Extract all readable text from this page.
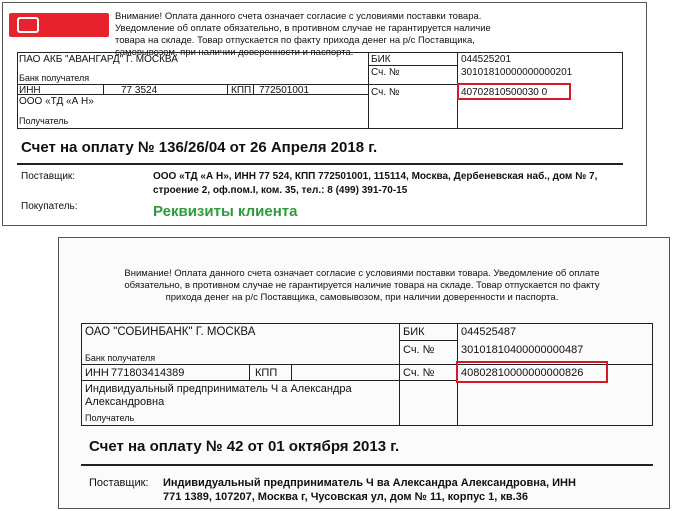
Внимание! Оплата данного счета означает согласие с условиями поставки товара. Уведомление об оплате обязательно, в противном случае не гарантируется наличие товара на складе. Товар отпускается по факту прихода денег на р/с Поставщика,
ПАО АКБ "АВАНГАРД" Г. МОСКВА
Банк получателя
БИК	044525201
Сч. №	30101810000000000201
ИНН	77 3524	КПП 772501001	Сч. №	40702810500030 0
ООО «ТД «А Н»
Получатель
Счет на оплату № 136/26/04 от 26 Апреля 2018 г.
Поставщик:	ООО «ТД «А Н», ИНН 77 524, КПП 772501001, 115114, Москва, Дербеневская наб., дом № 7,
строение 2, оф.пом.I, ком. 35, тел.: 8 (499) 391-70-15
Покупатель:	Реквизиты клиента
Внимание! Оплата данного счета означает согласие с условиями поставки товара. Уведомление об оплате обязательно, в противном случае не гарантируется наличие товара на складе. Товар отпускается по факту прихода денег на р/с Поставщика, самовывозом, при наличии доверенности и паспорта.
ОАО "СОБИНБАНК" Г. МОСКВА
Банк получателя
БИК	044525487
Сч. № 30101810400000000487
ИНН 771803414389	КПП	Сч. № 40802810000000000826
Индивидуальный предприниматель Ч а Александра
Александровна
Получатель
Счет на оплату № 42 от 01 октября 2013 г.
Поставщик: Индивидуальный предприниматель Ч ва Александра Александровна, ИНН
771 1389, 107207, Москва г, Чусовская ул, дом № 11, корпус 1, кв.36
